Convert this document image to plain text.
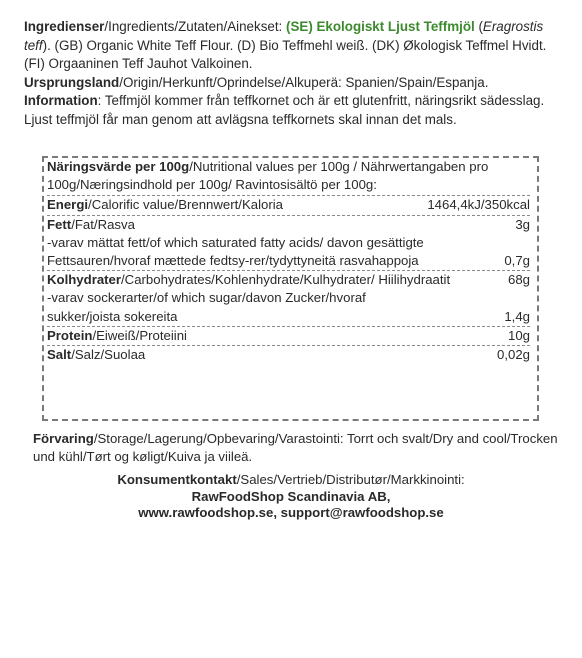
Ingredienser/Ingredients/Zutaten/Ainekset: (SE) Ekologiskt Ljust Teffmjöl (Eragrostis teff). (GB) Organic White Teff Flour. (D) Bio Teffmehl weiß. (DK) Økologisk Teffmel Hvidt. (FI) Orgaaninen Teff Jauhot Valkoinen. Ursprungsland/Origin/Herkunft/Oprindelse/Alkuperä: Spanien/Spain/Espanja.
Information: Teffmjöl kommer från teffkornet och är ett glutenfritt, näringsrikt sädesslag. Ljust teffmjöl får man genom att avlägsna teffkornets skal innan det mals.
Näringsvärde per 100g/Nutritional values per 100g / Nährwertangaben pro 100g/Næringsindhold per 100g/ Ravintosisältö per 100g:
Energi/Calorific value/Brennwert/Kaloria	1464,4kJ/350kcal
Fett/Fat/Rasva	3g
-varav mättat fett/of which saturated fatty acids/ davon gesättigte Fettsauren/hvoraf mættede fedtsy-rer/tydyttyneitä rasvahappoja	0,7g
Kolhydrater/Carbohydrates/Kohlenhydrate/Kulhydrater/ Hiilihydraatit	68g
-varav sockerarter/of which sugar/davon Zucker/hvoraf sukker/joista sokereita	1,4g
Protein/Eiweiß/Proteiini	10g
Salt/Salz/Suolaa	0,02g
Förvaring/Storage/Lagerung/Opbevaring/Varastointi: Torrt och svalt/Dry and cool/Trocken und kühl/Tørt og køligt/Kuiva ja viileä.
Konsumentkontakt/Sales/Vertrieb/Distributør/Markkinointi:
RawFoodShop Scandinavia AB,
www.rawfoodshop.se, support@rawfoodshop.se
